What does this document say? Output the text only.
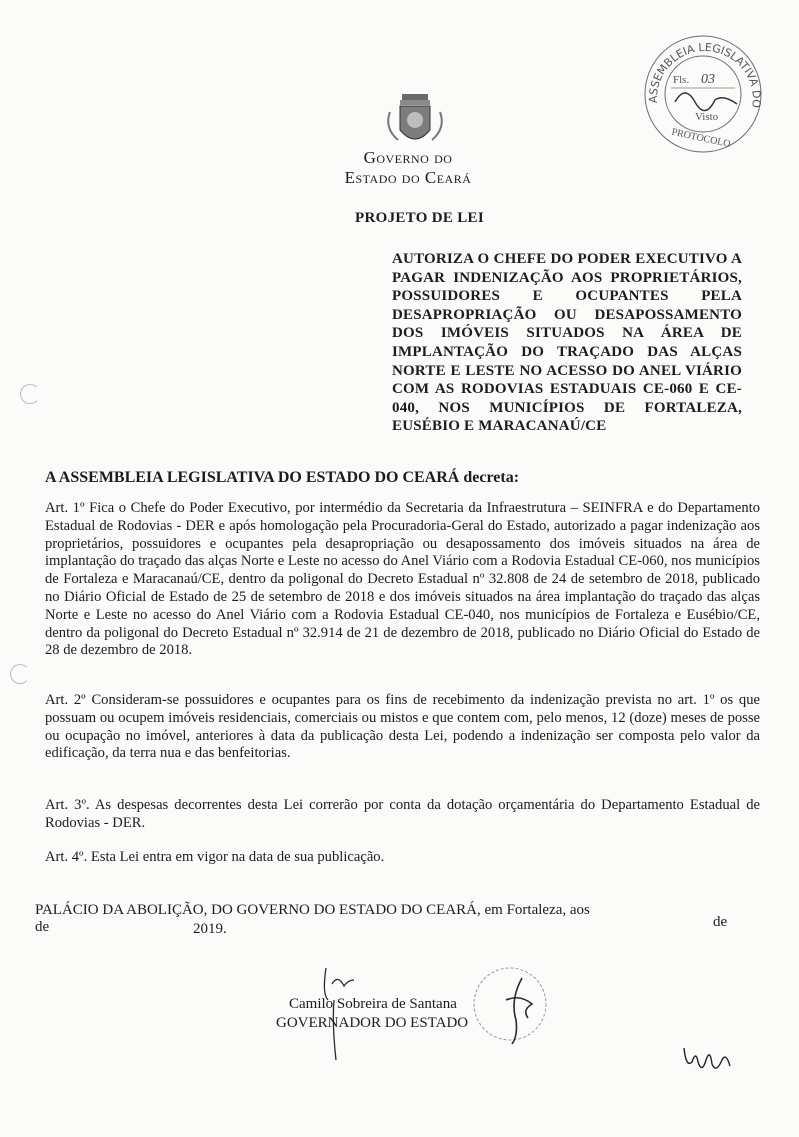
Governo do
Estado do Ceará
ASSEMBLEIA LEGISLATIVA DO
Fls. 03
Visto
PROTOCOLO
PROJETO DE LEI
AUTORIZA O CHEFE DO PODER EXECUTIVO A PAGAR INDENIZAÇÃO AOS PROPRIETÁRIOS, POSSUIDORES E OCUPANTES PELA DESAPROPRIAÇÃO OU DESAPOSSAMENTO DOS IMÓVEIS SITUADOS NA ÁREA DE IMPLANTAÇÃO DO TRAÇADO DAS ALÇAS NORTE E LESTE NO ACESSO DO ANEL VIÁRIO COM AS RODOVIAS ESTADUAIS CE-060 E CE-040, NOS MUNICÍPIOS DE FORTALEZA, EUSÉBIO E MARACANAÚ/CE
A ASSEMBLEIA LEGISLATIVA DO ESTADO DO CEARÁ decreta:
Art. 1º Fica o Chefe do Poder Executivo, por intermédio da Secretaria da Infraestrutura – SEINFRA e do Departamento Estadual de Rodovias - DER e após homologação pela Procuradoria-Geral do Estado, autorizado a pagar indenização aos proprietários, possuidores e ocupantes pela desapropriação ou desapossamento dos imóveis situados na área de implantação do traçado das alças Norte e Leste no acesso do Anel Viário com a Rodovia Estadual CE-060, nos municípios de Fortaleza e Maracanaú/CE, dentro da poligonal do Decreto Estadual nº 32.808 de 24 de setembro de 2018, publicado no Diário Oficial de Estado de 25 de setembro de 2018 e dos imóveis situados na área implantação do traçado das alças Norte e Leste no acesso do Anel Viário com a Rodovia Estadual CE-040, nos municípios de Fortaleza e Eusébio/CE, dentro da poligonal do Decreto Estadual nº 32.914 de 21 de dezembro de 2018, publicado no Diário Oficial do Estado de 28 de dezembro de 2018.
Art. 2º Consideram-se possuidores e ocupantes para os fins de recebimento da indenização prevista no art. 1º os que possuam ou ocupem imóveis residenciais, comerciais ou mistos e que contem com, pelo menos, 12 (doze) meses de posse ou ocupação no imóvel, anteriores à data da publicação desta Lei, podendo a indenização ser composta pelo valor da edificação, da terra nua e das benfeitorias.
Art. 3º. As despesas decorrentes desta Lei correrão por conta da dotação orçamentária do Departamento Estadual de Rodovias - DER.
Art. 4º. Esta Lei entra em vigor na data de sua publicação.
PALÁCIO DA ABOLIÇÃO, DO GOVERNO DO ESTADO DO CEARÁ, em Fortaleza, aos
de
de	2019.
Camilo Sobreira de Santana
GOVERNADOR DO ESTADO
